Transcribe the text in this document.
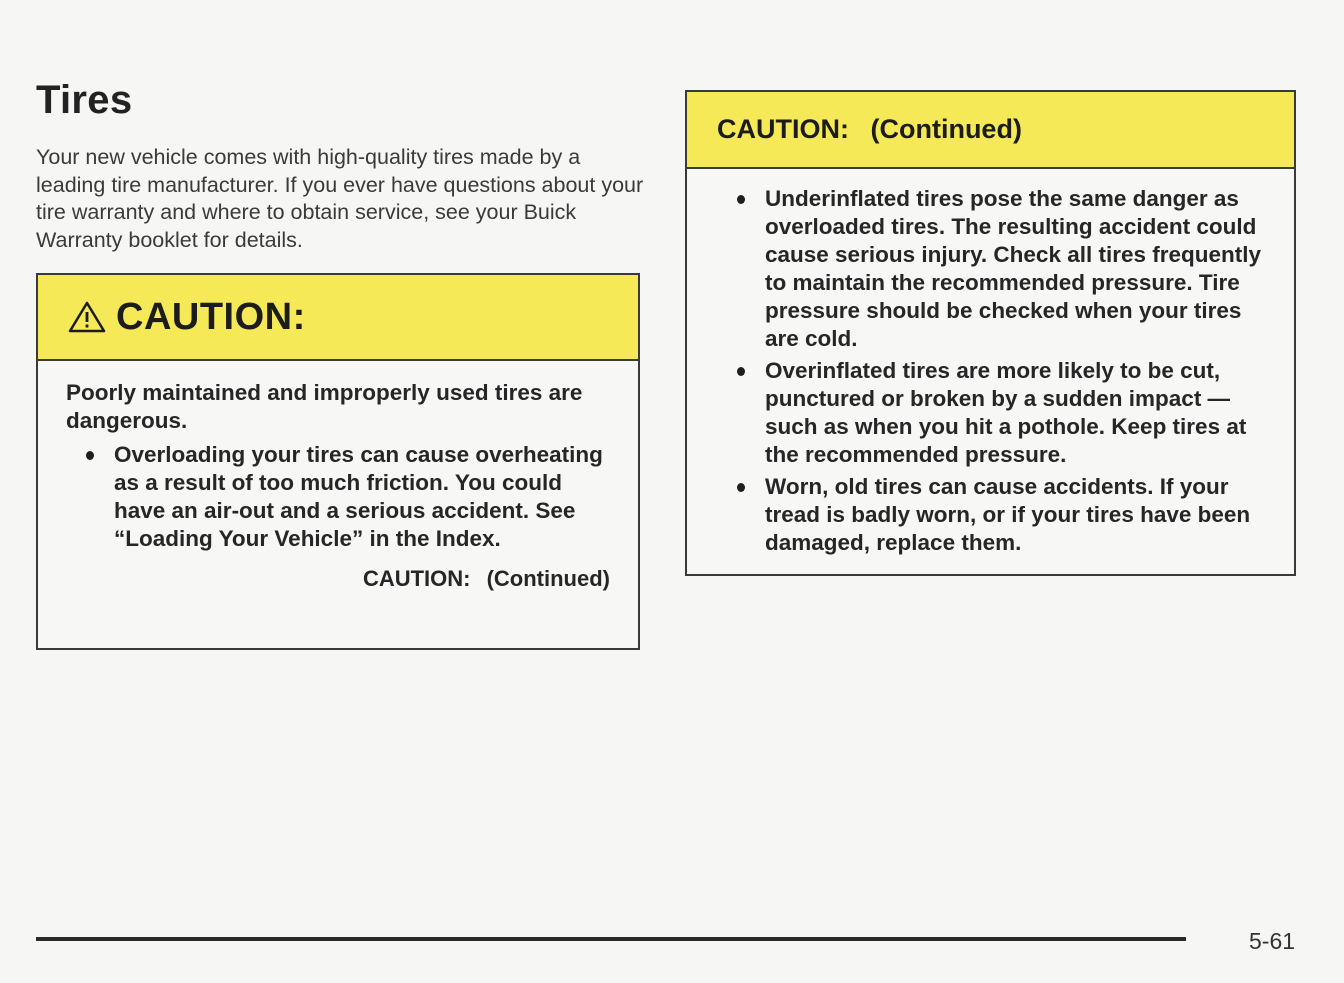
Tires

Your new vehicle comes with high-quality tires made by a leading tire manufacturer. If you ever have questions about your tire warranty and where to obtain service, see your Buick Warranty booklet for details.

CAUTION:

Poorly maintained and improperly used tires are dangerous.

Overloading your tires can cause overheating as a result of too much friction. You could have an air-out and a serious accident. See “Loading Your Vehicle” in the Index.
CAUTION: (Continued)
CAUTION: (Continued)
Underinflated tires pose the same danger as overloaded tires. The resulting accident could cause serious injury. Check all tires frequently to maintain the recommended pressure. Tire pressure should be checked when your tires are cold.
Overinflated tires are more likely to be cut, punctured or broken by a sudden impact — such as when you hit a pothole. Keep tires at the recommended pressure.
Worn, old tires can cause accidents. If your tread is badly worn, or if your tires have been damaged, replace them.
5-61
